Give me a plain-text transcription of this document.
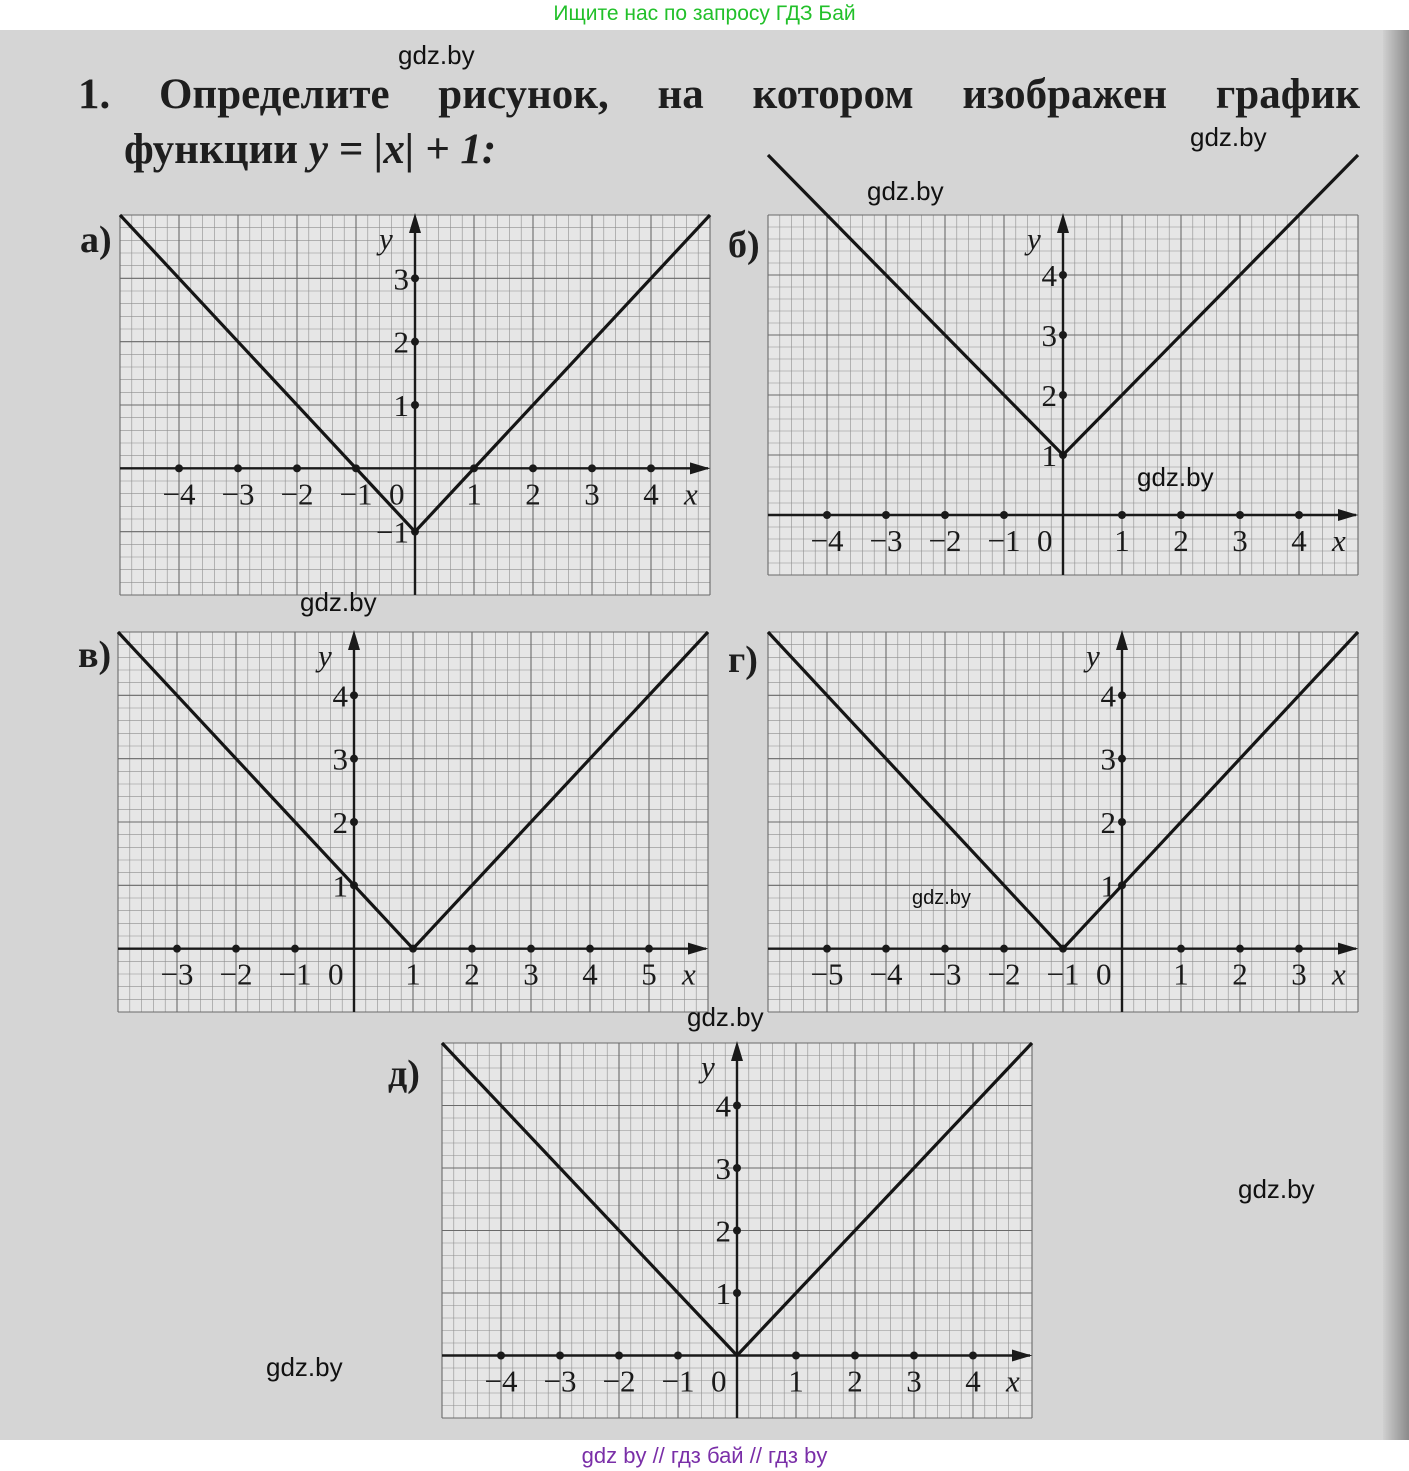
Ищите нас по запросу ГДЗ Бай
1. Определите рисунок, на котором изображен график
функции y = |x| + 1:
а)	б)
в)	г)
д)
x
y
0
−4 −3 −2 −1	1 2 3 4
1
2
3
−1	x
y
0
−4 −3 −2 −1	1 2 3 4
1
2
3
4
x
y
0
−3 −2 −1	1 2 3 4 5
1
2
3
4
x
y
0
−5 −4 −3 −2 −1	1 2 3
1
2
3
4
x
y
0
−4 −3 −2 −1	1 2 3 4
1
2
3
4
gdz.by
gdz.by
gdz.by
gdz.by
gdz.by
gdz.by
gdz.by
gdz.by
gdz.by
gdz by // гдз бай // гдз by
